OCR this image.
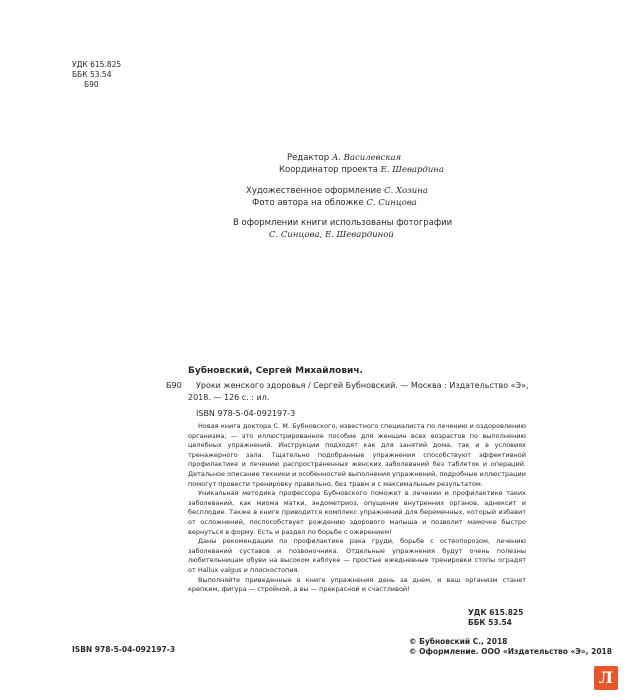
УДК 615.825
ББК 53.54
Б90
Редактор А. Василевская
Координатор проекта Е. Шевардина
Художественное оформление С. Хозина
Фото автора на обложке С. Синцова
В оформлении книги использованы фотографии
С. Синцова, Е. Шевардиной
Бубновский, Сергей Михайлович.
Б90 Уроки женского здоровья / Сергей Бубновский. — Москва : Издательство «Э»,
2018. — 126 с. : ил.
ISBN 978-5-04-092197-3

Новая книга доктора С. М. Бубновского, известного специалиста по лечению и оздоровлению организма, — это иллюстрированное пособие для женщин всех возрастов по выполнению целебных упражнений. Инструкции подходят как для занятий дома, так и в условиях тренажерного зала. Тщательно подобранные упражнения способствуют эффективной профилактике и лечению распространенных женских заболеваний без таблеток и операций. Детальное описание техники и особенностей выполнения упражнений, подробные иллюстрации помогут провести тренировку правильно, без травм и с максимальным результатом.

Уникальная методика профессора Бубновского поможет в лечении и профилактике таких заболеваний, как миома матки, эндометриоз, опущение внутренних органов, аднексит и бесплодие. Также в книге приводится комплекс упражнений для беременных, который избавит от осложнений, поспособствует рождению здорового малыша и позволит мамочке быстро вернуться в форму. Есть и раздел по борьбе с ожирением!

Даны рекомендации по профилактике рака груди, борьбе с остеопорозом, лечению заболеваний суставов и позвоночника. Отдельные упражнения будут очень полезны любительницам обуви на высоком каблуке — простые ежедневные тренировки стопы оградят от Hallux valgus и плоскостопия.

Выполняйте приведенные в книге упражнения день за днем, и ваш организм станет крепким, фигура — стройной, а вы — прекрасной и счастливой!

УДК 615.825
ББК 53.54
ISBN 978-5-04-092197-3
© Бубновский С., 2018
© Оформление. ООО «Издательство «Э», 2018
Л
